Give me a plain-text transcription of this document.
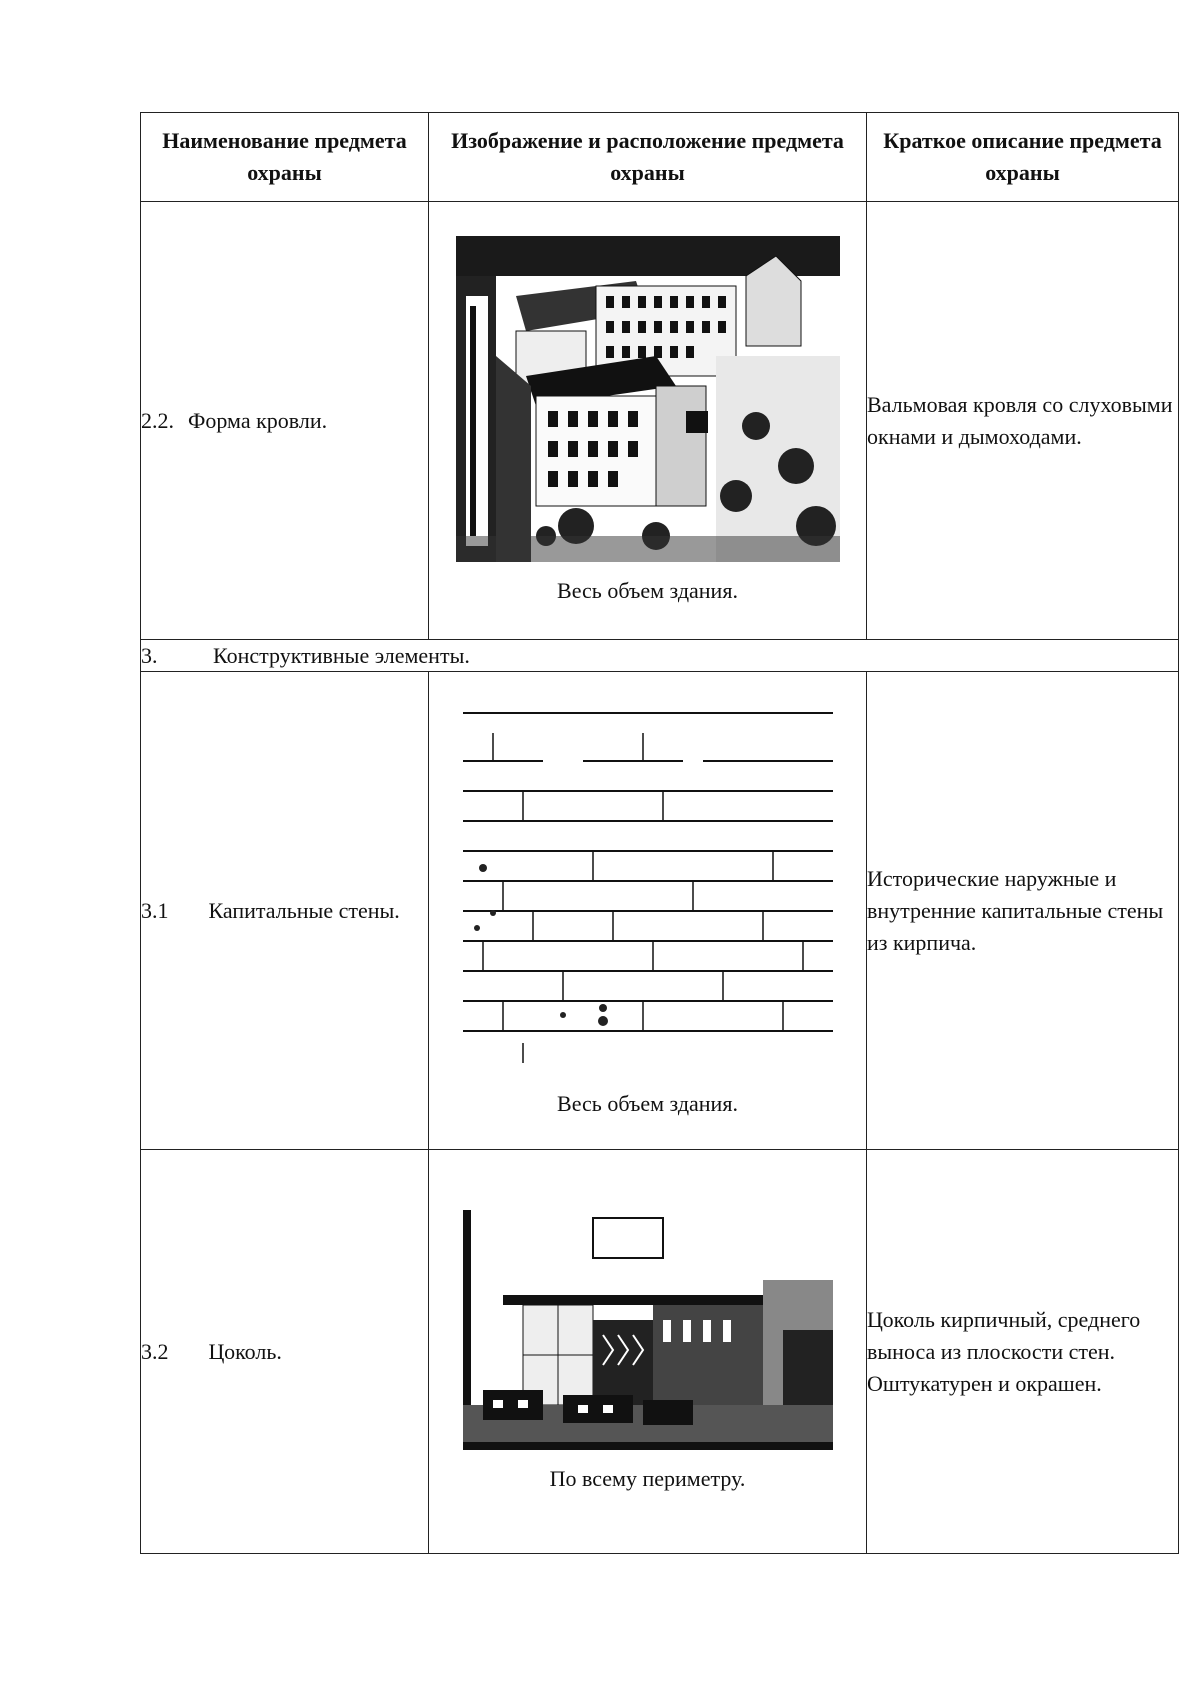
Наименование предмета охраны	Изображение и расположение предмета охраны	Краткое описание предмета охраны
2.2. Форма кровли.	Весь объем здания.	Вальмовая кровля со слуховыми окнами и дымоходами.
3. Конструктивные элементы.		
3.1 Капитальные стены.	Весь объем здания.	Исторические наружные и внутренние капитальные стены из кирпича.
3.2 Цоколь.	По всему периметру.	Цоколь кирпичный, среднего выноса из плоскости стен. Оштукатурен и окрашен.
